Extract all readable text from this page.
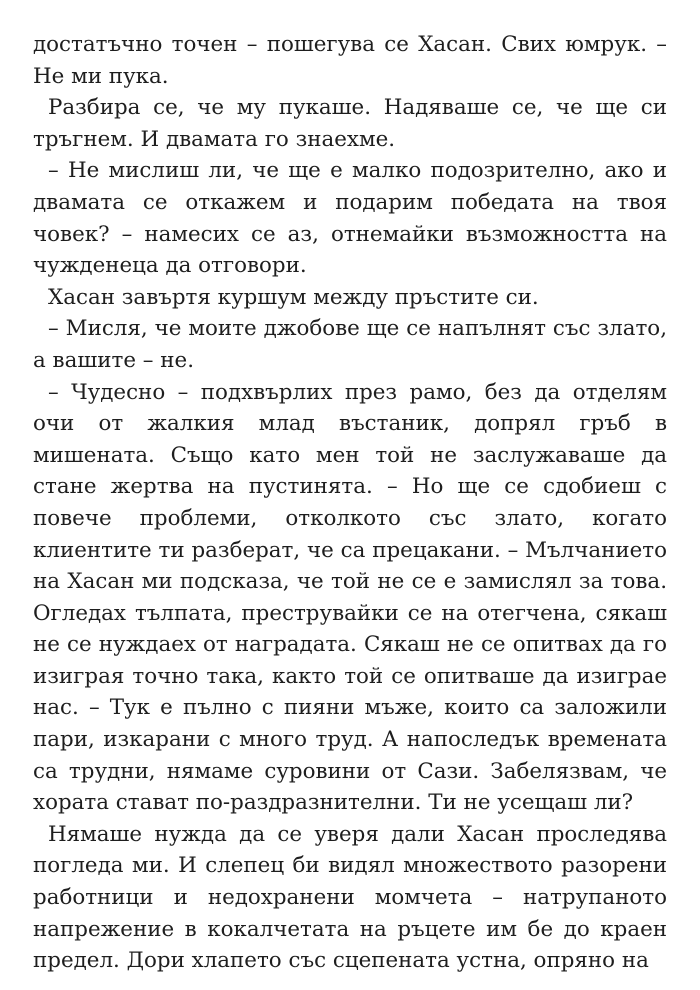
достатъчно точен – пошегува се Хасан. Свих юмрук. – Не ми пука.

Разбира се, че му пукаше. Надяваше се, че ще си тръгнем. И двамата го знаехме.

– Не мислиш ли, че ще е малко подозрително, ако и двамата се откажем и подарим победата на твоя човек? – намесих се аз, отнемайки възможността на чужденеца да отговори.

Хасан завъртя куршум между пръстите си.

– Мисля, че моите джобове ще се напълнят със злато, а вашите – не.

– Чудесно – подхвърлих през рамо, без да отделям очи от жалкия млад въстаник, допрял гръб в мишената. Също като мен той не заслужаваше да стане жертва на пустинята. – Но ще се сдобиеш с повече проблеми, отколкото със злато, когато клиентите ти разберат, че са прецакани. – Мълчанието на Хасан ми подсказа, че той не се е замислял за това. Огледах тълпата, преструвайки се на отегчена, сякаш не се нуждаех от наградата. Сякаш не се опитвах да го изиграя точно така, както той се опитваше да изиграе нас. – Тук е пълно с пияни мъже, които са заложили пари, изкарани с много труд. А напоследък времената са трудни, нямаме суровини от Сази. Забелязвам, че хората стават по-раздразнителни. Ти не усещаш ли?

Нямаше нужда да се уверя дали Хасан проследява погледа ми. И слепец би видял множеството разорени работници и недохранени момчета – натрупаното напрежение в кокалчетата на ръцете им бе до краен предел. Дори хлапето със сцепената устна, опряно на
